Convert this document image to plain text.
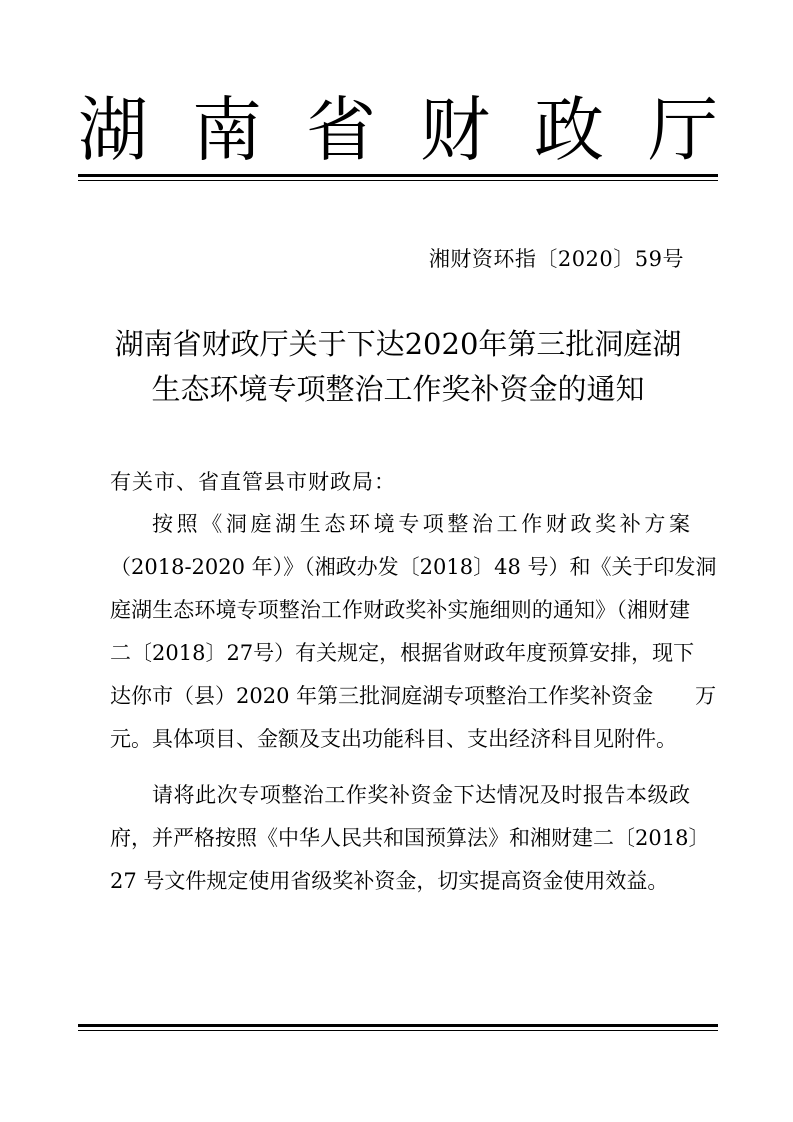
湖 南 省 财 政 厅
湘财资环指〔2020〕59号
湖南省财政厅关于下达2020年第三批洞庭湖
生态环境专项整治工作奖补资金的通知
有关市、省直管县市财政局：
按照《洞庭湖生态环境专项整治工作财政奖补方案
（2018-2020 年）》（湘政办发〔2018〕48 号）和《关于印发洞
庭湖生态环境专项整治工作财政奖补实施细则的通知》（湘财建
二〔2018〕27号）有关规定，根据省财政年度预算安排，现下
达你市（县）2020 年第三批洞庭湖专项整治工作奖补资金　　万
元。具体项目、金额及支出功能科目、支出经济科目见附件。
请将此次专项整治工作奖补资金下达情况及时报告本级政
府，并严格按照《中华人民共和国预算法》和湘财建二〔2018〕
27 号文件规定使用省级奖补资金，切实提高资金使用效益。
